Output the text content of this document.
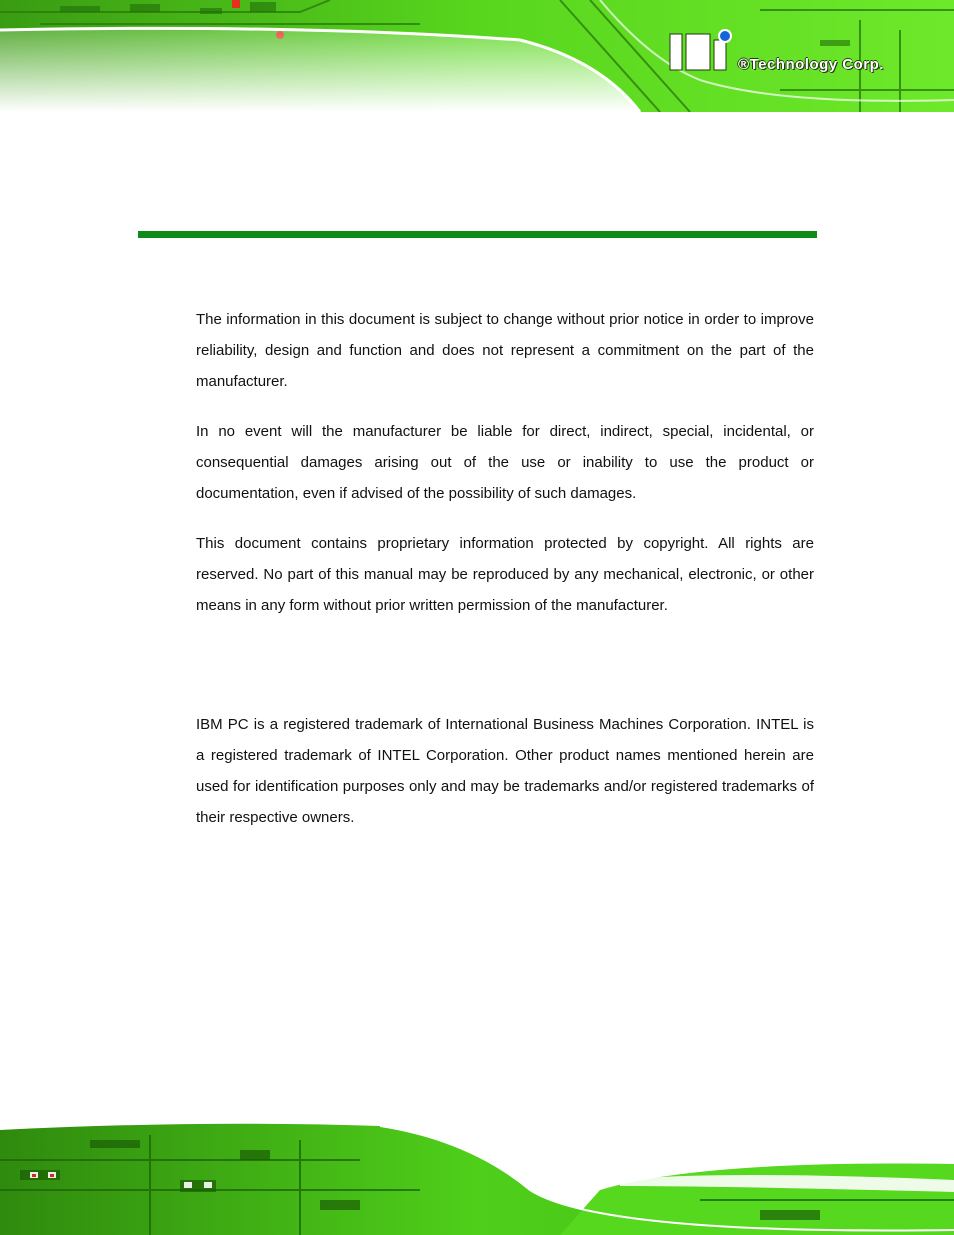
®Technology Corp.

The information in this document is subject to change without prior notice in order to improve reliability, design and function and does not represent a commitment on the part of the manufacturer.

In no event will the manufacturer be liable for direct, indirect, special, incidental, or consequential damages arising out of the use or inability to use the product or documentation, even if advised of the possibility of such damages.

This document contains proprietary information protected by copyright. All rights are reserved. No part of this manual may be reproduced by any mechanical, electronic, or other means in any form without prior written permission of the manufacturer.

IBM PC is a registered trademark of International Business Machines Corporation. INTEL is a registered trademark of INTEL Corporation. Other product names mentioned herein are used for identification purposes only and may be trademarks and/or registered trademarks of their respective owners.
